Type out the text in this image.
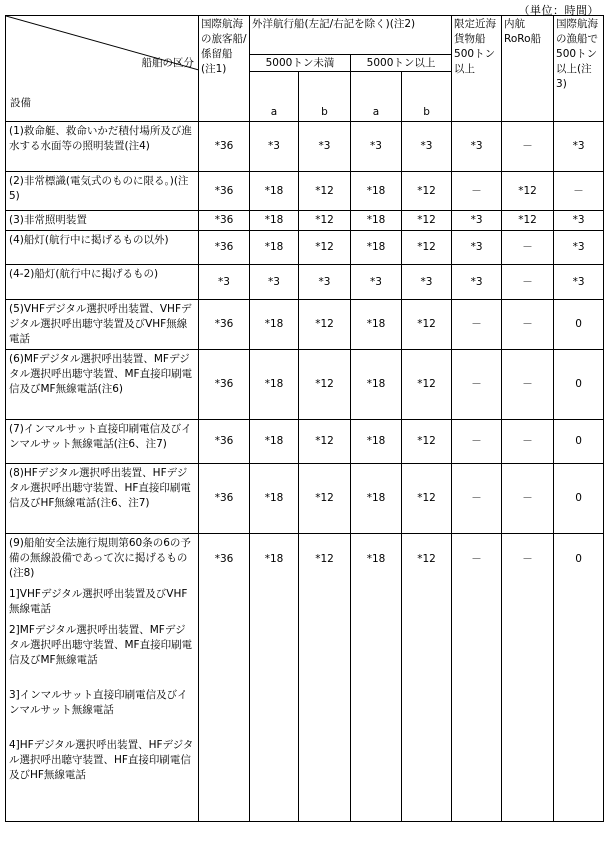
（単位：時間）
船舶の区分
設備	国際航海の旅客船/係留船(注1)	外洋航行船(左記/右記を除く)(注2)				限定近海貨物船500トン以上	内航RoRo船	国際航海の漁船で500トン以上(注3)
		5000トン未満		5000トン以上				
		a	b	a	b			
(1)救命艇、救命いかだ積付場所及び進水する水面等の照明装置(注4)	*36	*3	*3	*3	*3	*3	－	*3
(2)非常標識(電気式のものに限る。)(注5)	*36	*18	*12	*18	*12	－	*12	－
(3)非常照明装置	*36	*18	*12	*18	*12	*3	*12	*3
(4)船灯(航行中に掲げるもの以外)	*36	*18	*12	*18	*12	*3	－	*3
(4-2)船灯(航行中に掲げるもの)	*3	*3	*3	*3	*3	*3	－	*3
(5)VHFデジタル選択呼出装置、VHFデジタル選択呼出聴守装置及びVHF無線電話	*36	*18	*12	*18	*12	－	－	0
(6)MFデジタル選択呼出装置、MFデジタル選択呼出聴守装置、MF直接印刷電信及びMF無線電話(注6)	*36	*18	*12	*18	*12	－	－	0
(7)インマルサット直接印刷電信及びインマルサット無線電話(注6、注7)	*36	*18	*12	*18	*12	－	－	0
(8)HFデジタル選択呼出装置、HFデジタル選択呼出聴守装置、HF直接印刷電信及びHF無線電話(注6、注7)	*36	*18	*12	*18	*12	－	－	0
(9)船舶安全法施行規則第60条の6の予備の無線設備であって次に掲げるもの(注8)
1]VHFデジタル選択呼出装置及びVHF無線電話
2]MFデジタル選択呼出装置、MFデジタル選択呼出聴守装置、MF直接印刷電信及びMF無線電話
3]インマルサット直接印刷電信及びインマルサット無線電話
4]HFデジタル選択呼出装置、HFデジタル選択呼出聴守装置、HF直接印刷電信及びHF無線電話	*36	*18	*12	*18	*12	－	－	0
